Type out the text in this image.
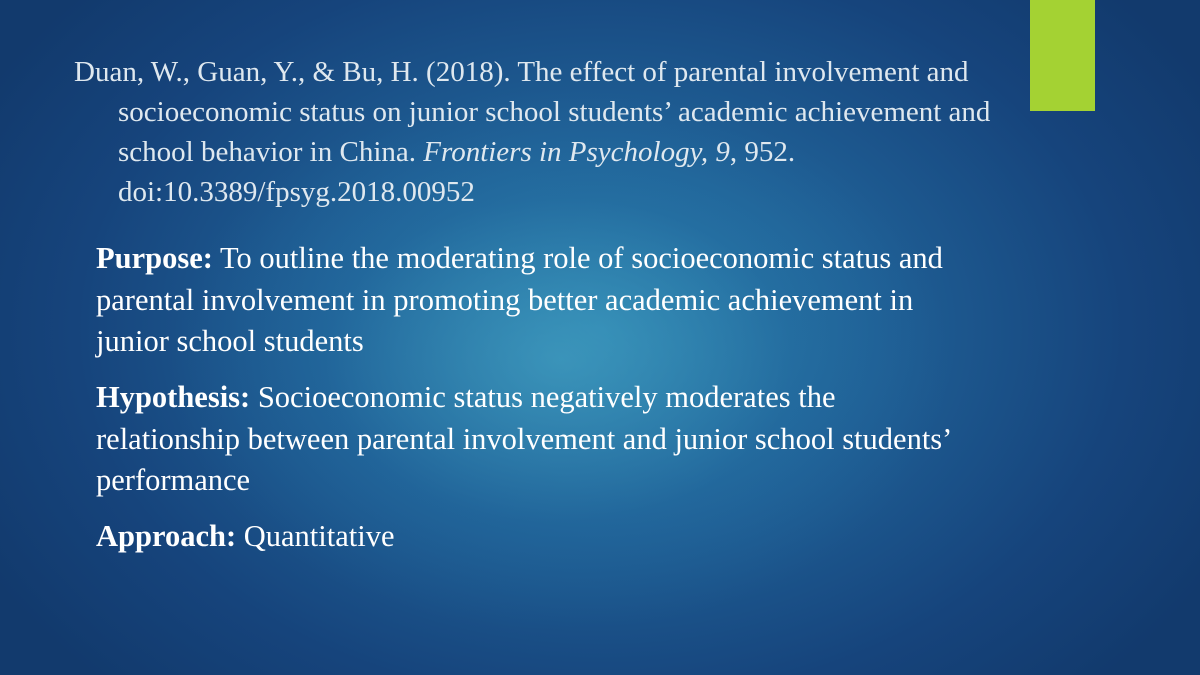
Duan, W., Guan, Y., & Bu, H. (2018). The effect of parental involvement and socioeconomic status on junior school students’ academic achievement and school behavior in China. Frontiers in Psychology, 9, 952. doi:10.3389/fpsyg.2018.00952
Purpose: To outline the moderating role of socioeconomic status and parental involvement in promoting better academic achievement in junior school students
Hypothesis: Socioeconomic status negatively moderates the relationship between parental involvement and junior school students’ performance
Approach: Quantitative
